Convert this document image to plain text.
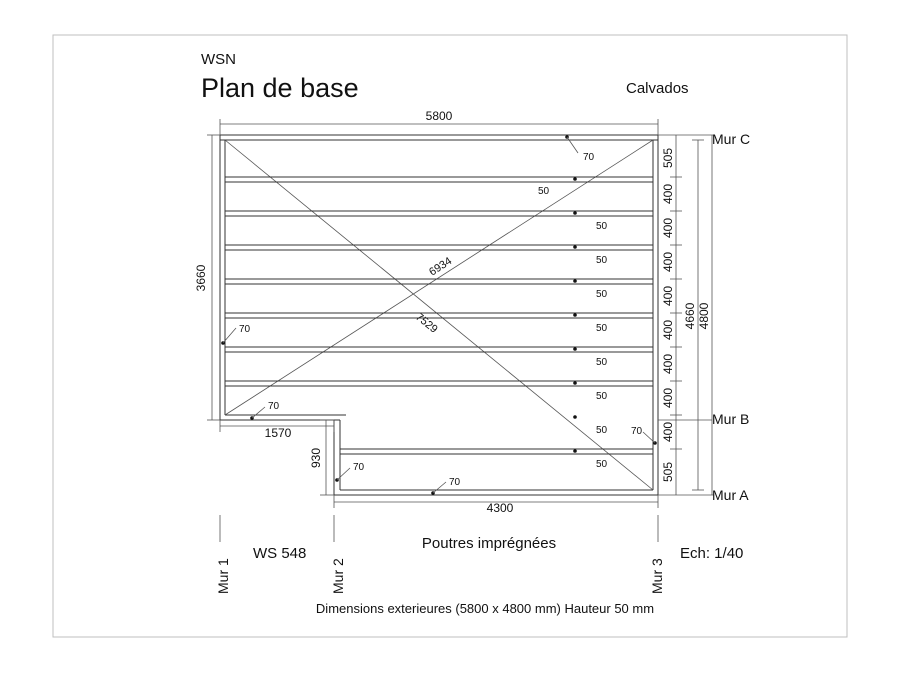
WSN
Plan de base	Calvados
7529
6934
70
50
50
50
50
50
50
50
50
50
70
70
70
70
70
5800
3660
1570
930
4300
505
400
400
400
400
400
400
400
400
505
4660 4800
Mur C
Mur B
Mur A
Mur 1	Mur 2	Mur 3
WS 548
Poutres imprégnées
Ech: 1/40
Dimensions exterieures (5800 x 4800 mm) Hauteur 50 mm
